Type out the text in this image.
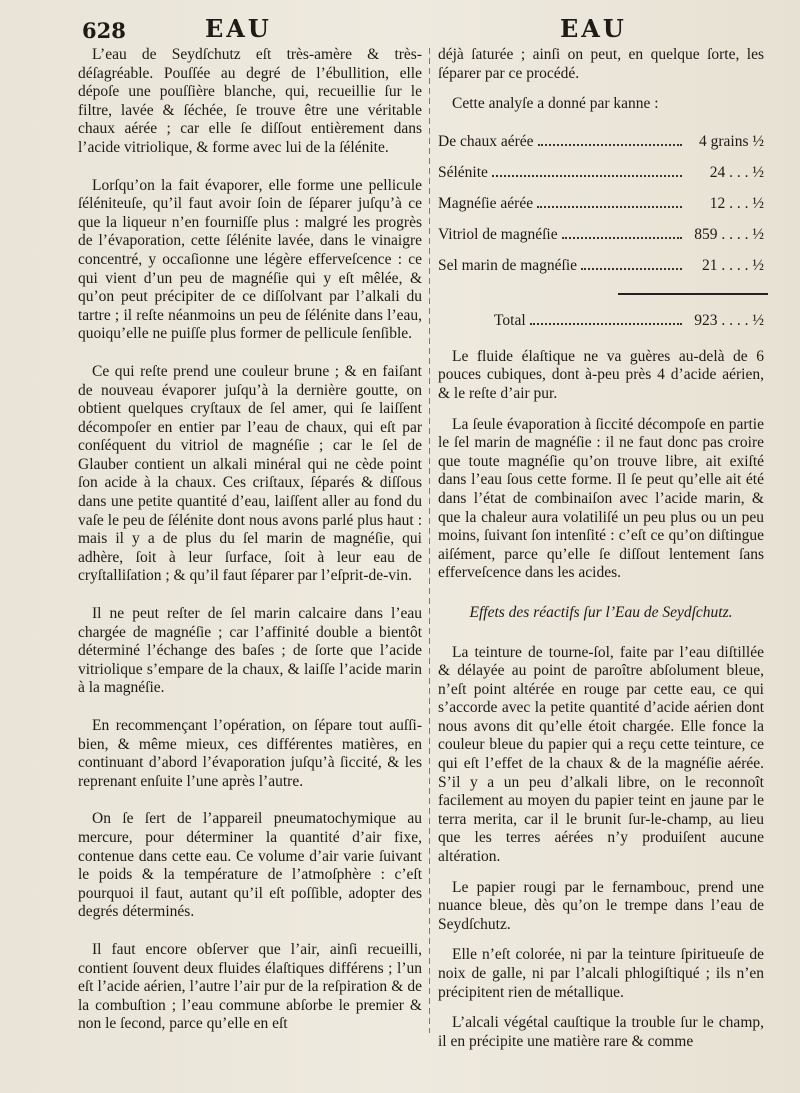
628	EAU	EAU

L’eau de Seydſchutz eſt très-amère & très-déſagréable. Pouſſée au degré de l’ébullition, elle dépoſe une pouſſière blanche, qui, recueillie ſur le filtre, lavée & ſéchée, ſe trouve être une véritable chaux aérée ; car elle ſe diſſout entièrement dans l’acide vitriolique, & forme avec lui de la ſélénite.

Lorſqu’on la fait évaporer, elle forme une pellicule ſéléniteuſe, qu’il faut avoir ſoin de ſéparer juſqu’à ce que la liqueur n’en fourniſſe plus : malgré les progrès de l’évaporation, cette ſélénite lavée, dans le vinaigre concentré, y occaſionne une légère effervеſcence : ce qui vient d’un peu de magnéſie qui y eſt mêlée, & qu’on peut précipiter de ce diſſolvant par l’alkali du tartre ; il reſte néanmoins un peu de ſélénite dans l’eau, quoiqu’elle ne puiſſe plus former de pellicule ſenſible.

Ce qui reſte prend une couleur brune ; & en faiſant de nouveau évaporer juſqu’à la dernière goutte, on obtient quelques cryſtaux de ſel amer, qui ſe laiſſent décompoſer en entier par l’eau de chaux, qui eſt par conſéquent du vitriol de magnéſie ; car le ſel de Glauber contient un alkali minéral qui ne cède point ſon acide à la chaux. Ces criſtaux, ſéparés & diſſous dans une petite quantité d’eau, laiſſent aller au fond du vaſe le peu de ſélénite dont nous avons parlé plus haut : mais il y a de plus du ſel marin de magnéſie, qui adhère, ſoit à leur ſurface, ſoit à leur eau de cryſtalliſation ; & qu’il faut ſéparer par l’eſprit-de-vin.

Il ne peut reſter de ſel marin calcaire dans l’eau chargée de magnéſie ; car l’affinité double a bientôt déterminé l’échange des baſes ; de ſorte que l’acide vitriolique s’empare de la chaux, & laiſſe l’acide marin à la magnéſie.

En recommençant l’opération, on ſépare tout auſſi-bien, & même mieux, ces différentes matières, en continuant d’abord l’évaporation juſqu’à ſiccité, & les reprenant enſuite l’une après l’autre.

On ſe ſert de l’appareil pneumatochymique au mercure, pour déterminer la quantité d’air fixe, contenue dans cette eau. Ce volume d’air varie ſuivant le poids & la température de l’atmoſphère : c’eſt pourquoi il faut, autant qu’il eſt poſſible, adopter des degrés déterminés.

Il faut encore obſerver que l’air, ainſi recueilli, contient ſouvent deux fluides élaſtiques différens ; l’un eſt l’acide aérien, l’autre l’air pur de la reſpiration & de la combuſtion ; l’eau commune abſorbe le premier & non le ſecond, parce qu’elle en eſt

déjà ſaturée ; ainſi on peut, en quelque ſorte, les ſéparer par ce procédé.

Cette analyſe a donné par kanne :

De chaux aérée	4 grains ½
Sélénite	24 . . . ½
Magnéſie aérée	12 . . . ½
Vitriol de magnéſie	859 . . . . ½
Sel marin de magnéſie	21 . . . . ½
Total	923 . . . . ½

Le fluide élaſtique ne va guères au-delà de 6 pouces cubiques, dont à-peu près 4 d’acide aérien, & le reſte d’air pur.

La ſeule évaporation à ſiccité décompoſe en partie le ſel marin de magnéſie : il ne faut donc pas croire que toute magnéſie qu’on trouve libre, ait exiſté dans l’eau ſous cette forme. Il ſe peut qu’elle ait été dans l’état de combinaiſon avec l’acide marin, & que la chaleur aura volatiliſé un peu plus ou un peu moins, ſuivant ſon intenſité : c’eſt ce qu’on diſtingue aiſément, parce qu’elle ſe diſſout lentement ſans effervеſcence dans les acides.

Effets des réactifs ſur l’Eau de Seydſchutz.

La teinture de tourne-ſol, faite par l’eau diſtillée & délayée au point de paroître abſolument bleue, n’eſt point altérée en rouge par cette eau, ce qui s’accorde avec la petite quantité d’acide aérien dont nous avons dit qu’elle étoit chargée. Elle fonce la couleur bleue du papier qui a reçu cette teinture, ce qui eſt l’effet de la chaux & de la magnéſie aérée. S’il y a un peu d’alkali libre, on le reconnoît facilement au moyen du papier teint en jaune par le terra merita, car il le brunit ſur-le-champ, au lieu que les terres aérées n’y produiſent aucune altération.

Le papier rougi par le fernambouc, prend une nuance bleue, dès qu’on le trempe dans l’eau de Seydſchutz.

Elle n’eſt colorée, ni par la teinture ſpiritueuſe de noix de galle, ni par l’alcali phlogiſtiqué ; ils n’en précipitent rien de métallique.

L’alcali végétal cauſtique la trouble ſur le champ, il en précipite une matière rare & comme
